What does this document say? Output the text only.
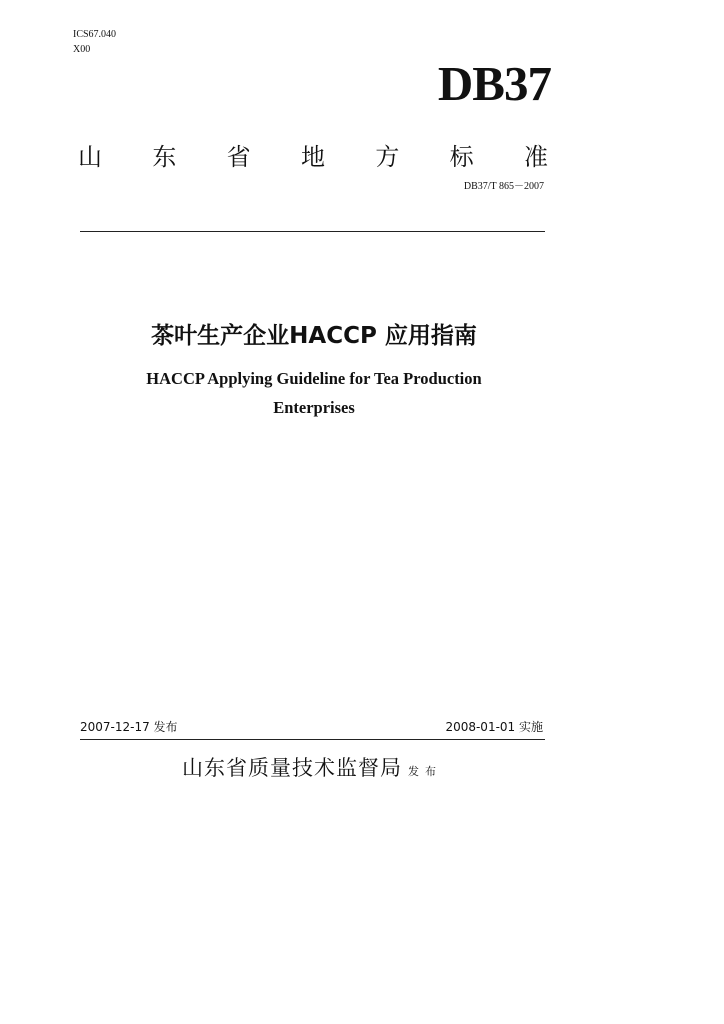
ICS67.040
X00
DB37
山 东 省 地 方 标 准
DB37/T 865－2007
茶叶生产企业HACCP 应用指南
HACCP Applying Guideline for Tea Production
Enterprises
2007-12-17 发布	2008-01-01 实施
山东省质量技术监督局 发布
